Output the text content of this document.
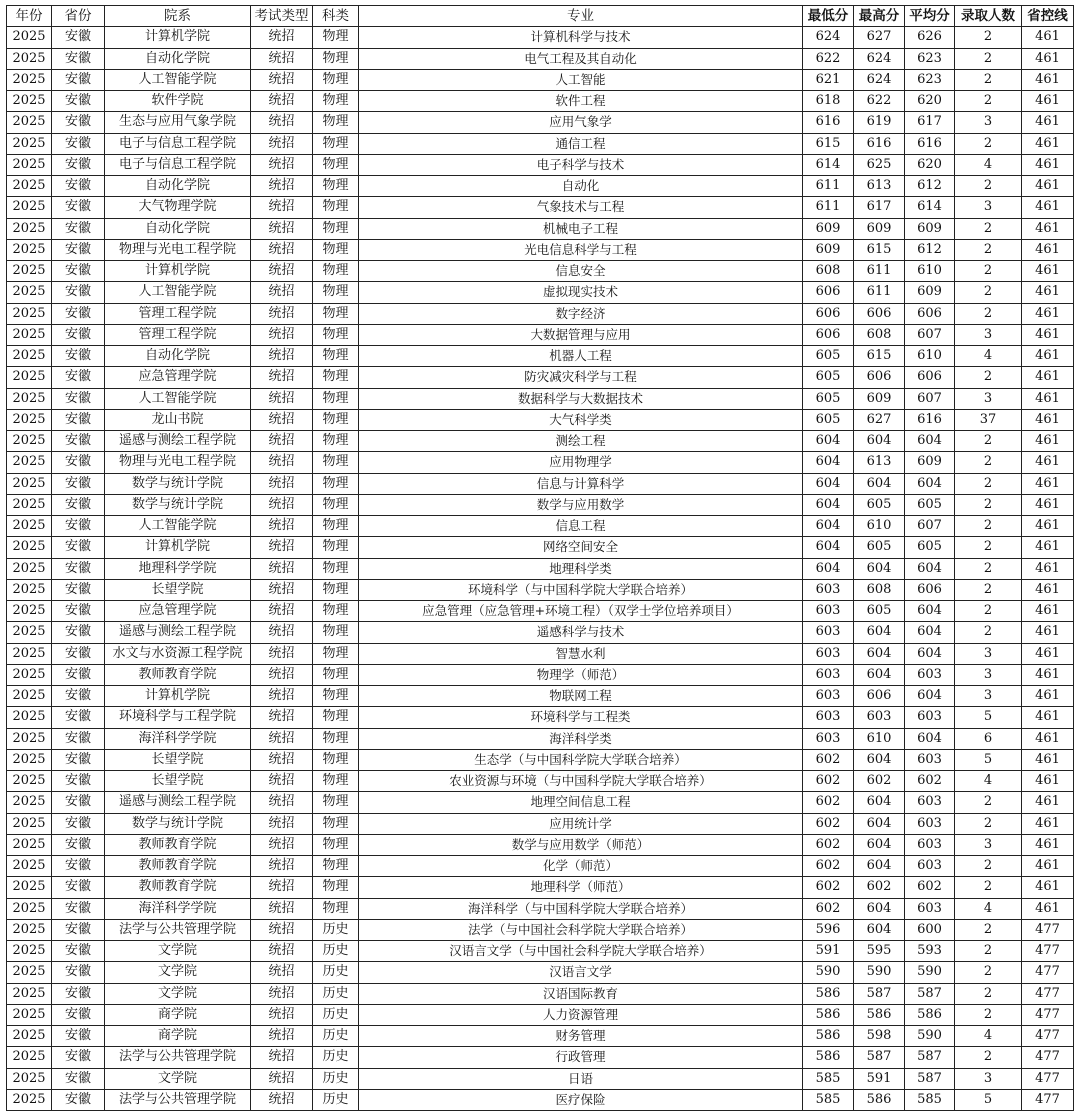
年份	省份	院系	考试类型	科类	专业	最低分	最高分	平均分	录取人数	省控线
2025	安徽	计算机学院	统招	物理	计算机科学与技术	624	627	626	2	461
2025	安徽	自动化学院	统招	物理	电气工程及其自动化	622	624	623	2	461
2025	安徽	人工智能学院	统招	物理	人工智能	621	624	623	2	461
2025	安徽	软件学院	统招	物理	软件工程	618	622	620	2	461
2025	安徽	生态与应用气象学院	统招	物理	应用气象学	616	619	617	3	461
2025	安徽	电子与信息工程学院	统招	物理	通信工程	615	616	616	2	461
2025	安徽	电子与信息工程学院	统招	物理	电子科学与技术	614	625	620	4	461
2025	安徽	自动化学院	统招	物理	自动化	611	613	612	2	461
2025	安徽	大气物理学院	统招	物理	气象技术与工程	611	617	614	3	461
2025	安徽	自动化学院	统招	物理	机械电子工程	609	609	609	2	461
2025	安徽	物理与光电工程学院	统招	物理	光电信息科学与工程	609	615	612	2	461
2025	安徽	计算机学院	统招	物理	信息安全	608	611	610	2	461
2025	安徽	人工智能学院	统招	物理	虚拟现实技术	606	611	609	2	461
2025	安徽	管理工程学院	统招	物理	数字经济	606	606	606	2	461
2025	安徽	管理工程学院	统招	物理	大数据管理与应用	606	608	607	3	461
2025	安徽	自动化学院	统招	物理	机器人工程	605	615	610	4	461
2025	安徽	应急管理学院	统招	物理	防灾减灾科学与工程	605	606	606	2	461
2025	安徽	人工智能学院	统招	物理	数据科学与大数据技术	605	609	607	3	461
2025	安徽	龙山书院	统招	物理	大气科学类	605	627	616	37	461
2025	安徽	遥感与测绘工程学院	统招	物理	测绘工程	604	604	604	2	461
2025	安徽	物理与光电工程学院	统招	物理	应用物理学	604	613	609	2	461
2025	安徽	数学与统计学院	统招	物理	信息与计算科学	604	604	604	2	461
2025	安徽	数学与统计学院	统招	物理	数学与应用数学	604	605	605	2	461
2025	安徽	人工智能学院	统招	物理	信息工程	604	610	607	2	461
2025	安徽	计算机学院	统招	物理	网络空间安全	604	605	605	2	461
2025	安徽	地理科学学院	统招	物理	地理科学类	604	604	604	2	461
2025	安徽	长望学院	统招	物理	环境科学（与中国科学院大学联合培养）	603	608	606	2	461
2025	安徽	应急管理学院	统招	物理	应急管理（应急管理+环境工程）（双学士学位培养项目）	603	605	604	2	461
2025	安徽	遥感与测绘工程学院	统招	物理	遥感科学与技术	603	604	604	2	461
2025	安徽	水文与水资源工程学院	统招	物理	智慧水利	603	604	604	3	461
2025	安徽	教师教育学院	统招	物理	物理学（师范）	603	604	603	3	461
2025	安徽	计算机学院	统招	物理	物联网工程	603	606	604	3	461
2025	安徽	环境科学与工程学院	统招	物理	环境科学与工程类	603	603	603	5	461
2025	安徽	海洋科学学院	统招	物理	海洋科学类	603	610	604	6	461
2025	安徽	长望学院	统招	物理	生态学（与中国科学院大学联合培养）	602	604	603	5	461
2025	安徽	长望学院	统招	物理	农业资源与环境（与中国科学院大学联合培养）	602	602	602	4	461
2025	安徽	遥感与测绘工程学院	统招	物理	地理空间信息工程	602	604	603	2	461
2025	安徽	数学与统计学院	统招	物理	应用统计学	602	604	603	2	461
2025	安徽	教师教育学院	统招	物理	数学与应用数学（师范）	602	604	603	3	461
2025	安徽	教师教育学院	统招	物理	化学（师范）	602	604	603	2	461
2025	安徽	教师教育学院	统招	物理	地理科学（师范）	602	602	602	2	461
2025	安徽	海洋科学学院	统招	物理	海洋科学（与中国科学院大学联合培养）	602	604	603	4	461
2025	安徽	法学与公共管理学院	统招	历史	法学（与中国社会科学院大学联合培养）	596	604	600	2	477
2025	安徽	文学院	统招	历史	汉语言文学（与中国社会科学院大学联合培养）	591	595	593	2	477
2025	安徽	文学院	统招	历史	汉语言文学	590	590	590	2	477
2025	安徽	文学院	统招	历史	汉语国际教育	586	587	587	2	477
2025	安徽	商学院	统招	历史	人力资源管理	586	586	586	2	477
2025	安徽	商学院	统招	历史	财务管理	586	598	590	4	477
2025	安徽	法学与公共管理学院	统招	历史	行政管理	586	587	587	2	477
2025	安徽	文学院	统招	历史	日语	585	591	587	3	477
2025	安徽	法学与公共管理学院	统招	历史	医疗保险	585	586	585	5	477
